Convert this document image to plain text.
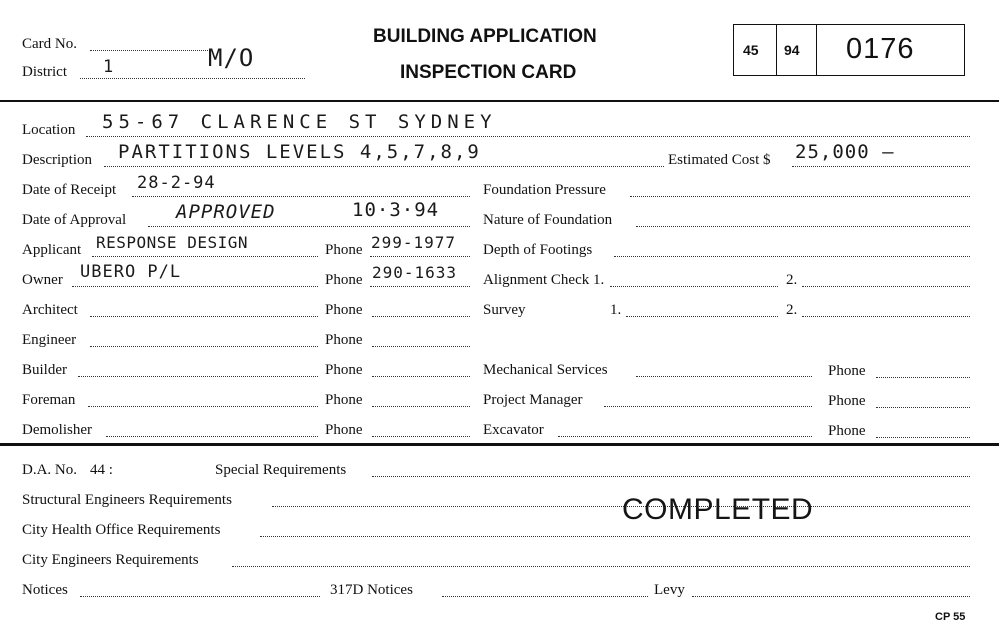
Card No.
District 1	M/O
BUILDING APPLICATION
INSPECTION CARD
45 94 0176
Location 55-67 CLARENCE ST SYDNEY
Description PARTITIONS LEVELS 4,5,7,8,9	Estimated Cost $ 25,000 —
Date of Receipt 28-2-94	Foundation Pressure
Date of Approval	APPROVED	10·3·94	Nature of Foundation
Applicant RESPONSE DESIGN	Phone 299-1977 Depth of Footings
Owner UBERO P/L	Phone 290-1633 Alignment Check 1.	2.
Architect	Phone	Survey	1.	2.
Engineer	Phone
Builder	Phone	Mechanical Services	Phone
Foreman	Phone	Project Manager	Phone
Demolisher	Phone	Excavator	Phone
D.A. No. 44 :	Special Requirements
Structural Engineers Requirements	COMPLETED
City Health Office Requirements
City Engineers Requirements
Notices	317D Notices	Levy
CP 55
